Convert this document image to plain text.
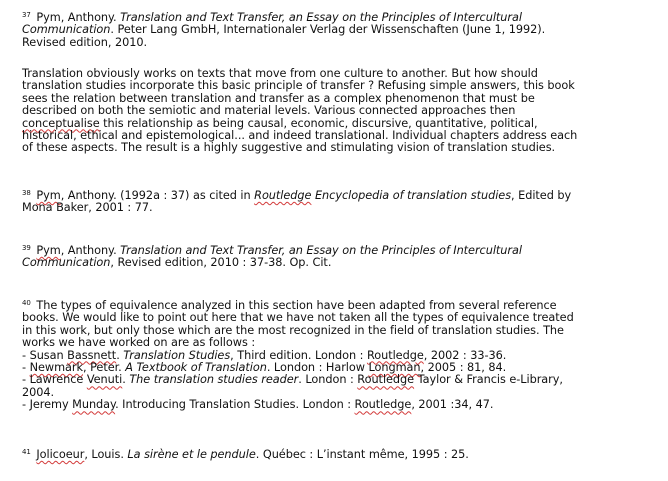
$^{37}$ Pym, Anthony. Translation and Text Transfer, an Essay on the Principles of Intercultural
Communication. Peter Lang GmbH, Internationaler Verlag der Wissenschaften (June 1, 1992).
Revised edition, 2010.
Translation obviously works on texts that move from one culture to another. But how should
translation studies incorporate this basic principle of transfer ? Refusing simple answers, this book
sees the relation between translation and transfer as a complex phenomenon that must be
described on both the semiotic and material levels. Various connected approaches then
conceptualise this relationship as being causal, economic, discursive, quantitative, political,
historical, ethical and epistemological... and indeed translational. Individual chapters address each
of these aspects. The result is a highly suggestive and stimulating vision of translation studies.
$^{38}$ Pym, Anthony. (1992a : 37) as cited in Routledge Encyclopedia of translation studies, Edited by
Mona Baker, 2001 : 77.
$^{39}$ Pym, Anthony. Translation and Text Transfer, an Essay on the Principles of Intercultural
Communication, Revised edition, 2010 : 37-38. Op. Cit.
$^{40}$ The types of equivalence analyzed in this section have been adapted from several reference
books. We would like to point out here that we have not taken all the types of equivalence treated
in this work, but only those which are the most recognized in the field of translation studies. The
works we have worked on are as follows :
- Susan Bassnett. Translation Studies, Third edition. London : Routledge, 2002 : 33-36.
- Newmark, Peter. A Textbook of Translation. London : Harlow Longman, 2005 : 81, 84.
- Lawrence Venuti. The translation studies reader. London : Routledge Taylor & Francis e-Library,
2004.
- Jeremy Munday. Introducing Translation Studies. London : Routledge, 2001 :34, 47.
$^{41}$ Jolicoeur, Louis. La sirène et le pendule. Québec : L’instant même, 1995 : 25.
